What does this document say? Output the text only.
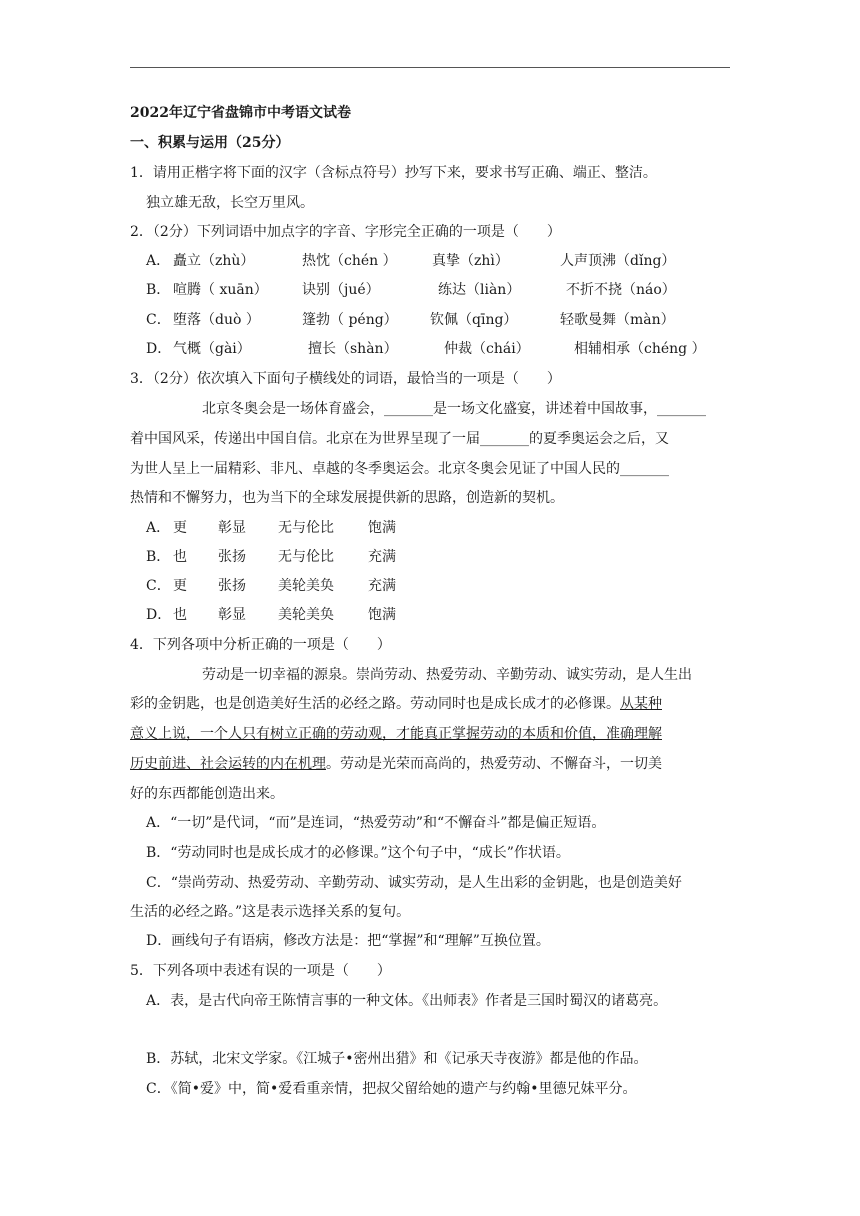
2022年辽宁省盘锦市中考语文试卷
一、积累与运用（25分）
1．请用正楷字将下面的汉字（含标点符号）抄写下来，要求书写正确、端正、整洁。
独立雄无敌，长空万里风。
2．（2分）下列词语中加点字的字音、字形完全正确的一项是（　　）
A． 矗立（zhù）	热忱（chén ）	真挚（zhì）	人声顶沸（dǐng）
B． 喧腾（ xuān） 诀别（jué）	练达（liàn）	不折不挠（náo）
C． 堕落（duò ）	篷勃（ péng） 钦佩（qīng）	轻歌曼舞（màn）
D． 气概（gài）	擅长（shàn）	仲裁（chái）	相辅相承（chéng ）
3．（2分）依次填入下面句子横线处的词语，最恰当的一项是（　　）
北京冬奥会是一场体育盛会，_______是一场文化盛宴，讲述着中国故事，_______
着中国风采，传递出中国自信。北京在为世界呈现了一届_______的夏季奥运会之后，又
为世人呈上一届精彩、非凡、卓越的冬季奥运会。北京冬奥会见证了中国人民的_______
热情和不懈努力，也为当下的全球发展提供新的思路，创造新的契机。
A． 更 彰显 无与伦比 饱满
B． 也 张扬 无与伦比 充满
C． 更 张扬 美轮美奂 充满
D． 也 彰显 美轮美奂 饱满
4．下列各项中分析正确的一项是（　　）
劳动是一切幸福的源泉。崇尚劳动、热爱劳动、辛勤劳动、诚实劳动，是人生出
彩的金钥匙，也是创造美好生活的必经之路。劳动同时也是成长成才的必修课。从某种
意义上说，一个人只有树立正确的劳动观，才能真正掌握劳动的本质和价值，准确理解
历史前进、社会运转的内在机理。劳动是光荣而高尚的，热爱劳动、不懈奋斗，一切美
好的东西都能创造出来。
A．“一切”是代词，“而”是连词，“热爱劳动”和“不懈奋斗”都是偏正短语。
B．“劳动同时也是成长成才的必修课。”这个句子中，“成长”作状语。
C．“崇尚劳动、热爱劳动、辛勤劳动、诚实劳动，是人生出彩的金钥匙，也是创造美好
生活的必经之路。”这是表示选择关系的复句。
D．画线句子有语病，修改方法是：把“掌握”和“理解”互换位置。
5．下列各项中表述有误的一项是（　　）
A．表，是古代向帝王陈情言事的一种文体。《出师表》作者是三国时蜀汉的诸葛亮。
B．苏轼，北宋文学家。《江城子•密州出猎》和《记承天寺夜游》都是他的作品。
C．《简•爱》中，简•爱看重亲情，把叔父留给她的遗产与约翰•里德兄妹平分。
